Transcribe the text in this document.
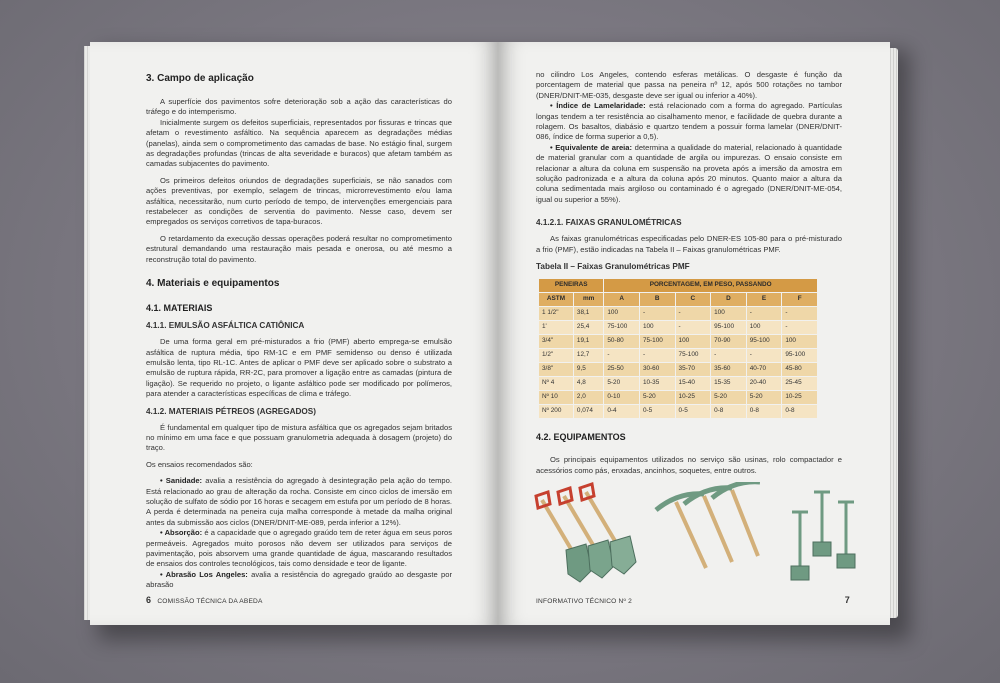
3. Campo de aplicação

A superfície dos pavimentos sofre deterioração sob a ação das características do tráfego e do intemperismo.

Inicialmente surgem os defeitos superficiais, representados por fissuras e trincas que afetam o revestimento asfáltico. Na sequência aparecem as degradações médias (panelas), ainda sem o comprometimento das camadas de base. No estágio final, surgem as degradações profundas (trincas de alta severidade e buracos) que afetam também as camadas subjacentes do pavimento.

Os primeiros defeitos oriundos de degradações superficiais, se não sanados com ações preventivas, por exemplo, selagem de trincas, microrrevestimento e/ou lama asfáltica, necessitarão, num curto período de tempo, de intervenções emergenciais para restabelecer as condições de serventia do pavimento. Nesse caso, devem ser empregados os serviços corretivos de tapa-buracos.

O retardamento da execução dessas operações poderá resultar no comprometimento estrutural demandando uma restauração mais pesada e onerosa, ou até mesmo a reconstrução total do pavimento.

4. Materiais e equipamentos
4.1. MATERIAIS
4.1.1. EMULSÃO ASFÁLTICA CATIÔNICA

De uma forma geral em pré-misturados a frio (PMF) aberto emprega-se emulsão asfáltica de ruptura média, tipo RM-1C e em PMF semidenso ou denso é utilizada emulsão lenta, tipo RL-1C. Antes de aplicar o PMF deve ser aplicado sobre o substrato a emulsão de ruptura rápida, RR-2C, para promover a ligação entre as camadas (pintura de ligação). Se requerido no projeto, o ligante asfáltico pode ser modificado por polímeros, para atender a características específicas de clima e tráfego.

4.1.2. MATERIAIS PÉTREOS (AGREGADOS)

É fundamental em qualquer tipo de mistura asfáltica que os agregados sejam britados no mínimo em uma face e que possuam granulometria adequada à dosagem (projeto) do traço.

Os ensaios recomendados são:

• Sanidade: avalia a resistência do agregado à desintegração pela ação do tempo. Está relacionado ao grau de alteração da rocha. Consiste em cinco ciclos de imersão em solução de sulfato de sódio por 16 horas e secagem em estufa por um período de 8 horas. A perda é determinada na peneira cuja malha corresponde à metade da malha original antes da submissão aos ciclos (DNER/DNIT-ME-089, perda inferior a 12%).

• Absorção: é a capacidade que o agregado graúdo tem de reter água em seus poros permeáveis. Agregados muito porosos não devem ser utilizados para serviços de pavimentação, pois absorvem uma grande quantidade de água, mascarando resultados de ensaios dos controles tecnológicos, tais como densidade e teor de ligante.

• Abrasão Los Angeles: avalia a resistência do agregado graúdo ao desgaste por abrasão

6 COMISSÃO TÉCNICA DA ABEDA

no cilindro Los Angeles, contendo esferas metálicas. O desgaste é função da porcentagem de material que passa na peneira nº 12, após 500 rotações no tambor (DNER/DNIT-ME-035, desgaste deve ser igual ou inferior a 40%).

• Índice de Lamelaridade: está relacionado com a forma do agregado. Partículas longas tendem a ter resistência ao cisalhamento menor, e facilidade de quebra durante a rolagem. Os basaltos, diabásio e quartzo tendem a possuir forma lamelar (DNER/DNIT-086, índice de forma superior a 0,5).

• Equivalente de areia: determina a qualidade do material, relacionado à quantidade de material granular com a quantidade de argila ou impurezas. O ensaio consiste em relacionar a altura da coluna em suspensão na proveta após a imersão da amostra em solução padronizada e a altura da coluna após 20 minutos. Quanto maior a altura da coluna sedimentada mais argiloso ou contaminado é o agregado (DNER/DNIT-ME-054, igual ou superior a 55%).

4.1.2.1. FAIXAS GRANULOMÉTRICAS

As faixas granulométricas especificadas pelo DNER-ES 105-80 para o pré-misturado a frio (PMF), estão indicadas na Tabela II – Faixas granulométricas PMF.

Tabela II – Faixas Granulométricas PMF
PENEIRAS		PORCENTAGEM, EM PESO, PASSANDO					
ASTM	mm	A	B	C	D	E	F
1 1/2"	38,1	100	-	-	100	-	-
1'	25,4	75-100	100	-	95-100	100	-
3/4"	19,1	50-80	75-100	100	70-90	95-100	100
1/2"	12,7	-	-	75-100	-	-	95-100
3/8"	9,5	25-50	30-60	35-70	35-60	40-70	45-80
Nº 4	4,8	5-20	10-35	15-40	15-35	20-40	25-45
Nº 10	2,0	0-10	5-20	10-25	5-20	5-20	10-25
Nº 200	0,074	0-4	0-5	0-5	0-8	0-8	0-8
4.2. EQUIPAMENTOS

Os principais equipamentos utilizados no serviço são usinas, rolo compactador e acessórios como pás, enxadas, ancinhos, soquetes, entre outros.

INFORMATIVO TÉCNICO Nº 2	7
